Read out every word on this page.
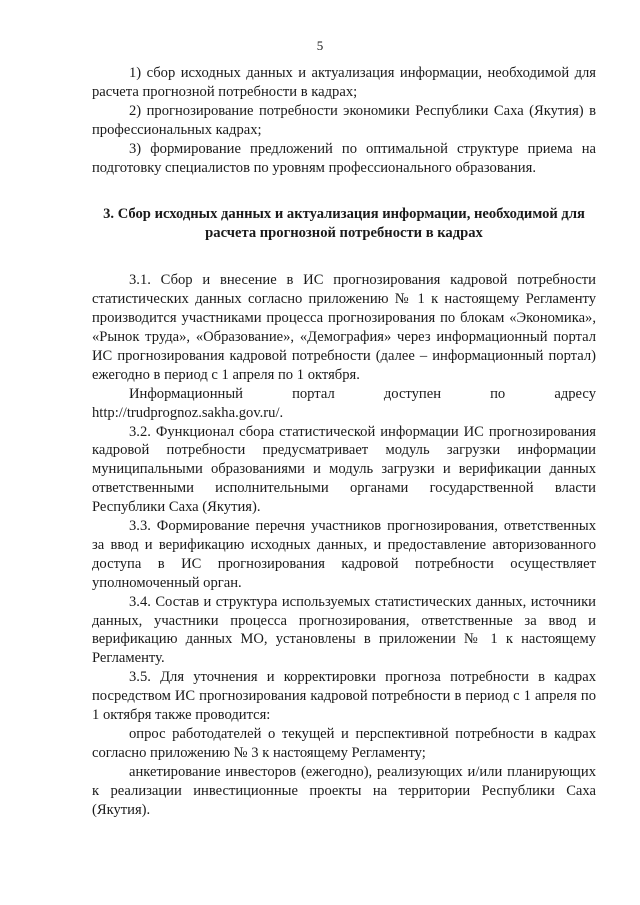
5

1) сбор исходных данных и актуализация информации, необходимой для расчета прогнозной потребности в кадрах;

2) прогнозирование потребности экономики Республики Саха (Якутия) в профессиональных кадрах;

3) формирование предложений по оптимальной структуре приема на подготовку специалистов по уровням профессионального образования.

3. Сбор исходных данных и актуализация информации, необходимой для расчета прогнозной потребности в кадрах

3.1. Сбор и внесение в ИС прогнозирования кадровой потребности статистических данных согласно приложению № 1 к настоящему Регламенту производится участниками процесса прогнозирования по блокам «Экономика», «Рынок труда», «Образование», «Демография» через информационный портал ИС прогнозирования кадровой потребности (далее – информационный портал) ежегодно в период с 1 апреля по 1 октября.

Информационный портал доступен по адресу http://trudprognoz.sakha.gov.ru/.

3.2. Функционал сбора статистической информации ИС прогнозирования кадровой потребности предусматривает модуль загрузки информации муниципальными образованиями и модуль загрузки и верификации данных ответственными исполнительными органами государственной власти Республики Саха (Якутия).

3.3. Формирование перечня участников прогнозирования, ответственных за ввод и верификацию исходных данных, и предоставление авторизованного доступа в ИС прогнозирования кадровой потребности осуществляет уполномоченный орган.

3.4. Состав и структура используемых статистических данных, источники данных, участники процесса прогнозирования, ответственные за ввод и верификацию данных МО, установлены в приложении № 1 к настоящему Регламенту.

3.5. Для уточнения и корректировки прогноза потребности в кадрах посредством ИС прогнозирования кадровой потребности в период с 1 апреля по 1 октября также проводится:

опрос работодателей о текущей и перспективной потребности в кадрах согласно приложению № 3 к настоящему Регламенту;

анкетирование инвесторов (ежегодно), реализующих и/или планирующих к реализации инвестиционные проекты на территории Республики Саха (Якутия).
